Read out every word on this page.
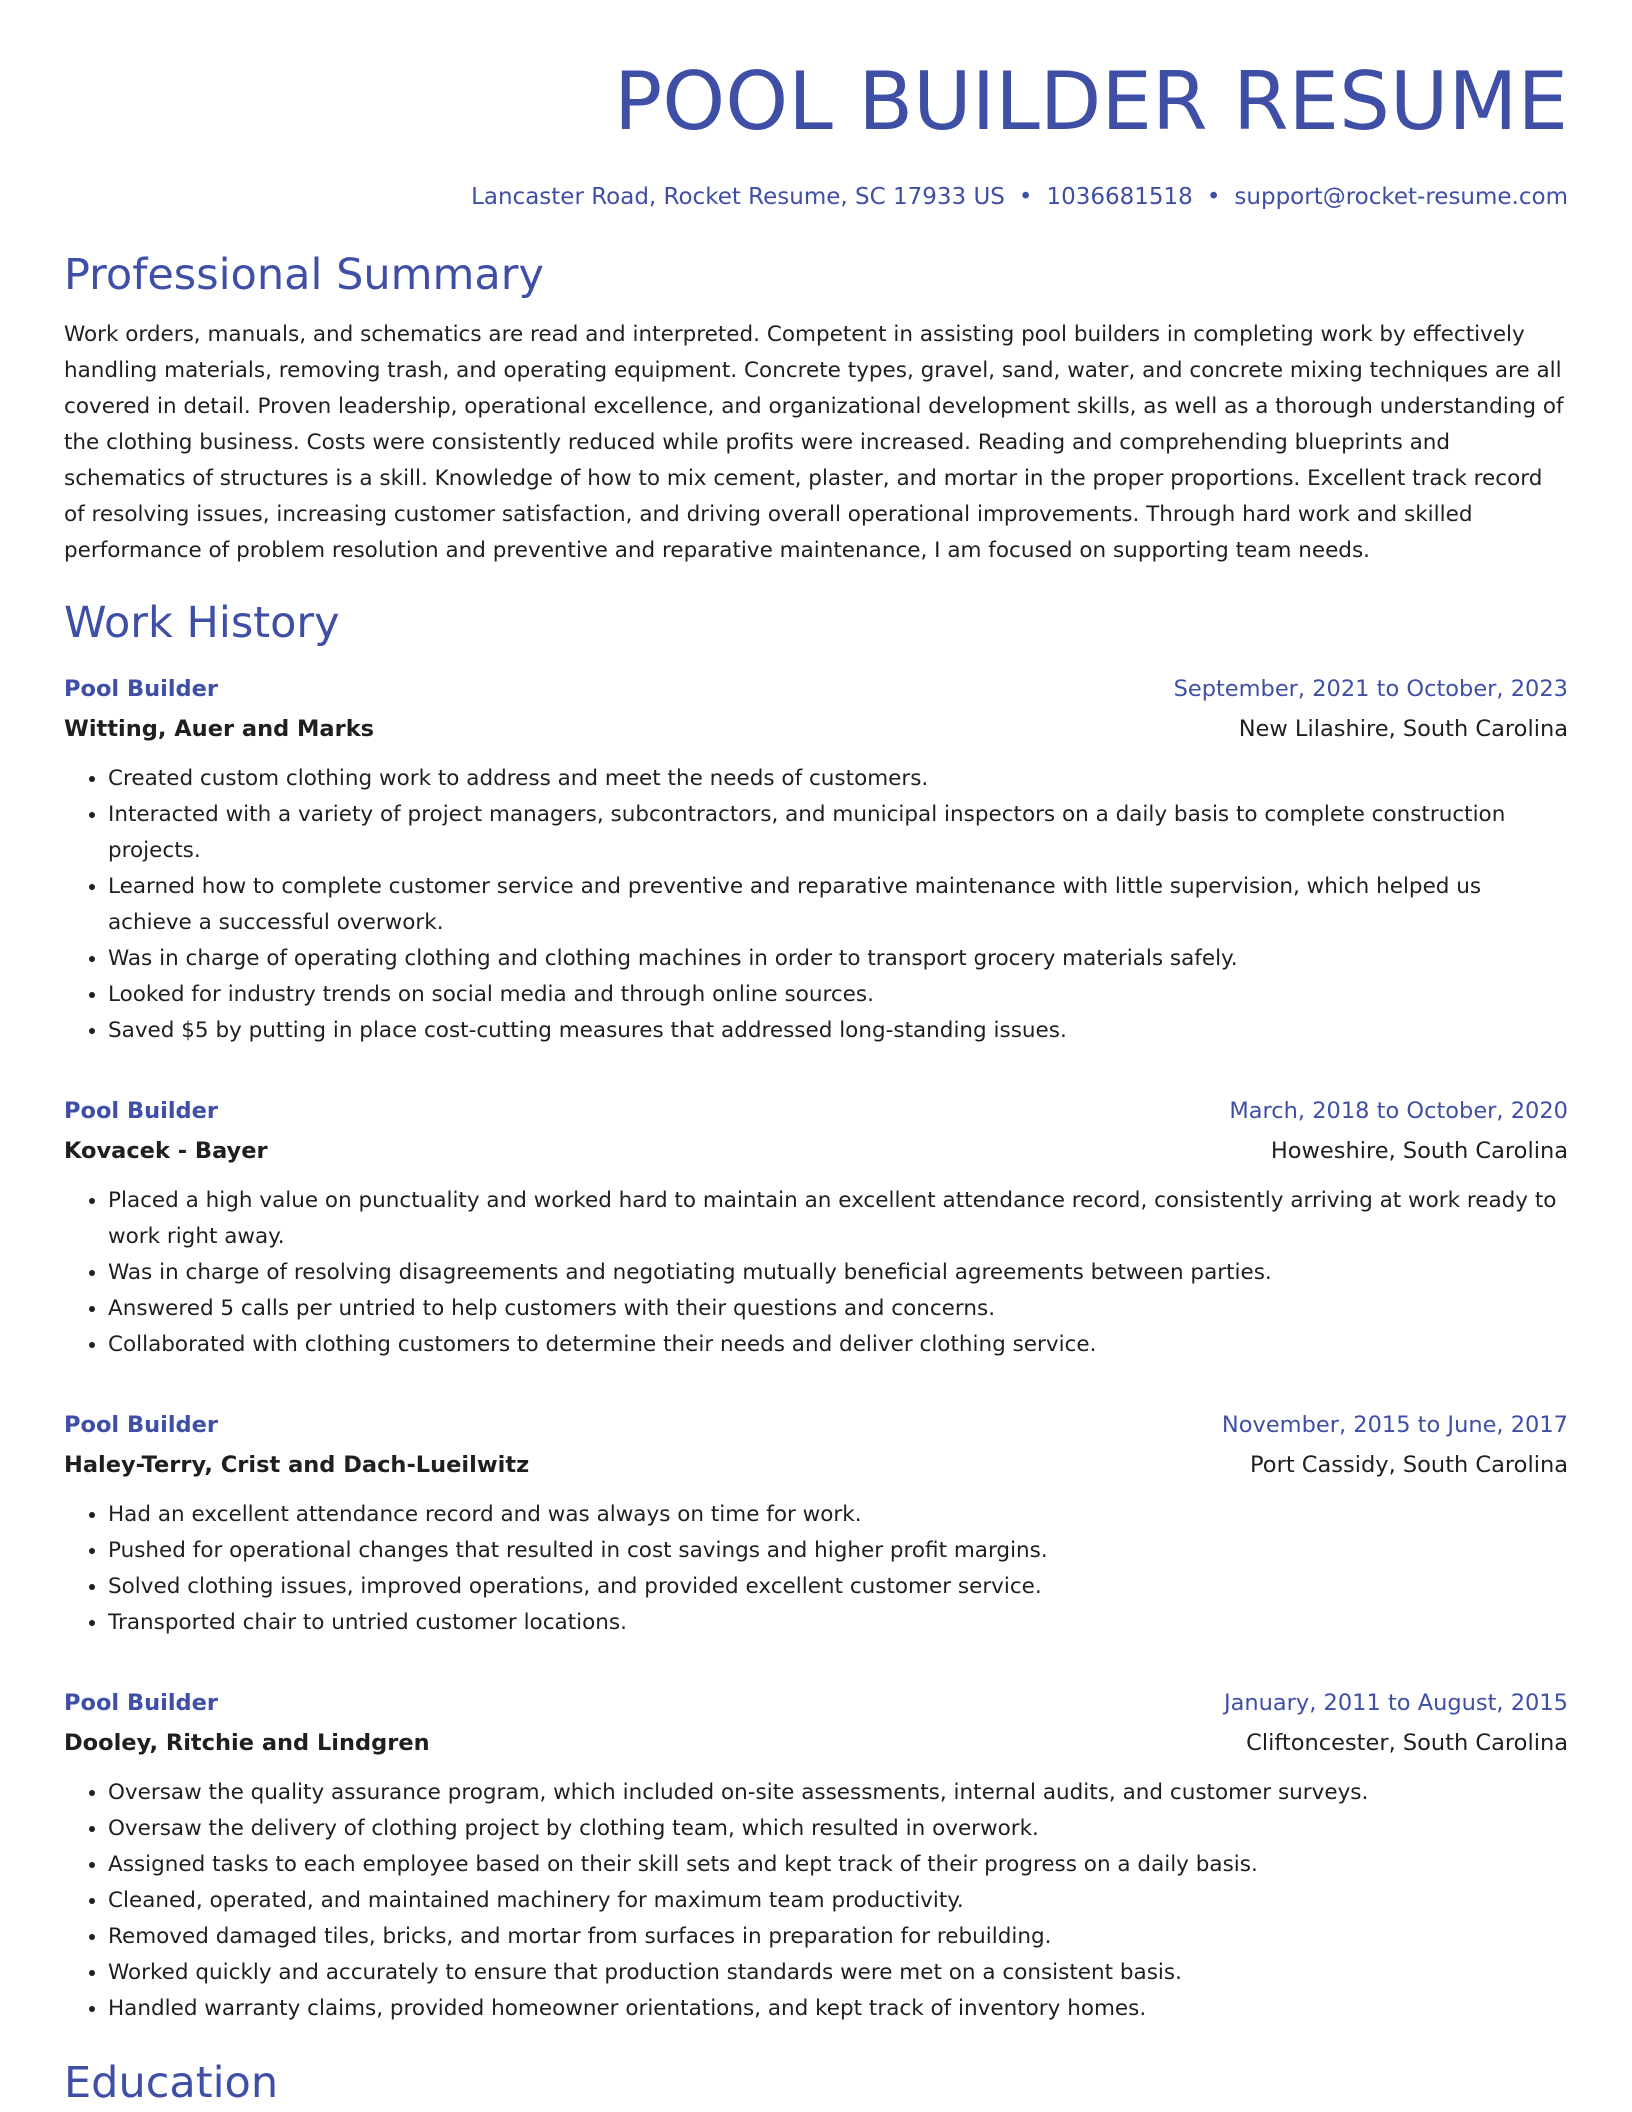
POOL BUILDER RESUME
Lancaster Road, Rocket Resume, SC 17933 US • 1036681518 • support@rocket-resume.com
Professional Summary

Work orders, manuals, and schematics are read and interpreted. Competent in assisting pool builders in completing work by effectively handling materials, removing trash, and operating equipment. Concrete types, gravel, sand, water, and concrete mixing techniques are all covered in detail. Proven leadership, operational excellence, and organizational development skills, as well as a thorough understanding of the clothing business. Costs were consistently reduced while profits were increased. Reading and comprehending blueprints and schematics of structures is a skill. Knowledge of how to mix cement, plaster, and mortar in the proper proportions. Excellent track record of resolving issues, increasing customer satisfaction, and driving overall operational improvements. Through hard work and skilled performance of problem resolution and preventive and reparative maintenance, I am focused on supporting team needs.

Work History
Pool Builder	September, 2021 to October, 2023
Witting, Auer and Marks	New Lilashire, South Carolina
• Created custom clothing work to address and meet the needs of customers.
• Interacted with a variety of project managers, subcontractors, and municipal inspectors on a daily basis to complete construction projects.
• Learned how to complete customer service and preventive and reparative maintenance with little supervision, which helped us achieve a successful overwork.
• Was in charge of operating clothing and clothing machines in order to transport grocery materials safely.
• Looked for industry trends on social media and through online sources.
• Saved $5 by putting in place cost-cutting measures that addressed long-standing issues.
Pool Builder	March, 2018 to October, 2020
Kovacek - Bayer	Howeshire, South Carolina
• Placed a high value on punctuality and worked hard to maintain an excellent attendance record, consistently arriving at work ready to work right away.
• Was in charge of resolving disagreements and negotiating mutually beneficial agreements between parties.
• Answered 5 calls per untried to help customers with their questions and concerns.
• Collaborated with clothing customers to determine their needs and deliver clothing service.
Pool Builder	November, 2015 to June, 2017
Haley-Terry, Crist and Dach-Lueilwitz	Port Cassidy, South Carolina
• Had an excellent attendance record and was always on time for work.
• Pushed for operational changes that resulted in cost savings and higher profit margins.
• Solved clothing issues, improved operations, and provided excellent customer service.
• Transported chair to untried customer locations.
Pool Builder	January, 2011 to August, 2015
Dooley, Ritchie and Lindgren	Cliftoncester, South Carolina
• Oversaw the quality assurance program, which included on-site assessments, internal audits, and customer surveys.
• Oversaw the delivery of clothing project by clothing team, which resulted in overwork.
• Assigned tasks to each employee based on their skill sets and kept track of their progress on a daily basis.
• Cleaned, operated, and maintained machinery for maximum team productivity.
• Removed damaged tiles, bricks, and mortar from surfaces in preparation for rebuilding.
• Worked quickly and accurately to ensure that production standards were met on a consistent basis.
• Handled warranty claims, provided homeowner orientations, and kept track of inventory homes.
Education
